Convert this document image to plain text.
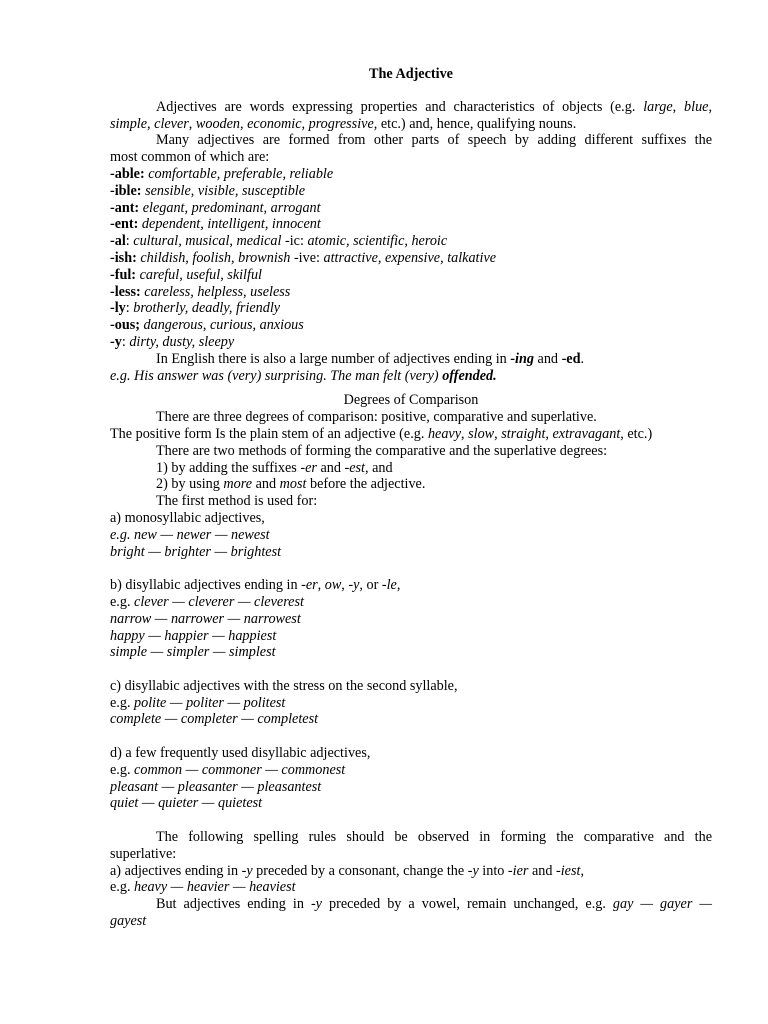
The Adjective
Adjectives are words expressing properties and characteristics of objects (e.g. large, blue,
simple, clever, wooden, economic, progressive, etc.) and, hence, qualifying nouns.
Many adjectives are formed from other parts of speech by adding different suffixes the
most common of which are:
-able: comfortable, preferable, reliable
-ible: sensible, visible, susceptible
-ant: elegant, predominant, arrogant
-ent: dependent, intelligent, innocent
-al: cultural, musical, medical -ic: atomic, scientific, heroic
-ish: childish, foolish, brownish -ive: attractive, expensive, talkative
-ful: careful, useful, skilful
-less: careless, helpless, useless
-ly: brotherly, deadly, friendly
-ous; dangerous, curious, anxious
-y: dirty, dusty, sleepy
In English there is also a large number of adjectives ending in -ing and -ed.
e.g. His answer was (very) surprising. The man felt (very) offended.
Degrees of Comparison
There are three degrees of comparison: positive, comparative and superlative.
The positive form Is the plain stem of an adjective (e.g. heavy, slow, straight, extravagant, etc.)
There are two methods of forming the comparative and the superlative degrees:
1) by adding the suffixes -er and -est, and
2) by using more and most before the adjective.
The first method is used for:
a) monosyllabic adjectives,
e.g. new — newer — newest
bright — brighter — brightest
b) disyllabic adjectives ending in -er, ow, -y, or -le,
e.g. clever — cleverer — cleverest
narrow — narrower — narrowest
happy — happier — happiest
simple — simpler — simplest
c) disyllabic adjectives with the stress on the second syllable,
e.g. polite — politer — politest
complete — completer — completest
d) a few frequently used disyllabic adjectives,
e.g. common — commoner — commonest
pleasant — pleasanter — pleasantest
quiet — quieter — quietest
The following spelling rules should be observed in forming the comparative and the
superlative:
a) adjectives ending in -y preceded by a consonant, change the -y into -ier and -iest,
e.g. heavy — heavier — heaviest
But adjectives ending in -y preceded by a vowel, remain unchanged, e.g. gay — gayer —
gayest
